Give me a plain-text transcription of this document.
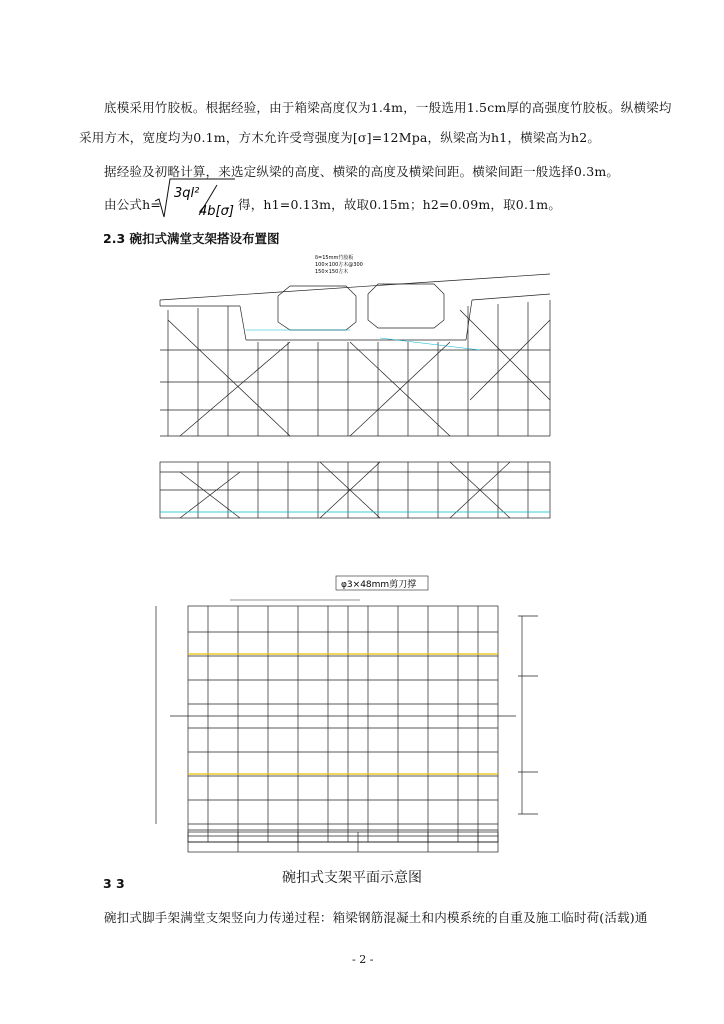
底模采用竹胶板。根据经验，由于箱梁高度仅为1.4m，一般选用1.5cm厚的高强度竹胶板。纵横梁均
采用方木，宽度均为0.1m，方木允许受弯强度为[σ]=12Mpa，纵梁高为h1，横梁高为h2。
据经验及初略计算，来选定纵梁的高度、横梁的高度及横梁间距。横梁间距一般选择0.3m。
由公式h=
3ql²
4b[σ] 得，h1=0.13m，故取0.15m；h2=0.09m，取0.1m。
2.3 碗扣式满堂支架搭设布置图
δ=15mm竹胶板
100×100方木@300
150×150方木
φ3×48mm剪刀撑
碗扣式支架平面示意图
3 3
碗扣式脚手架满堂支架竖向力传递过程：箱梁钢筋混凝土和内模系统的自重及施工临时荷(活载)通
- 2 -
